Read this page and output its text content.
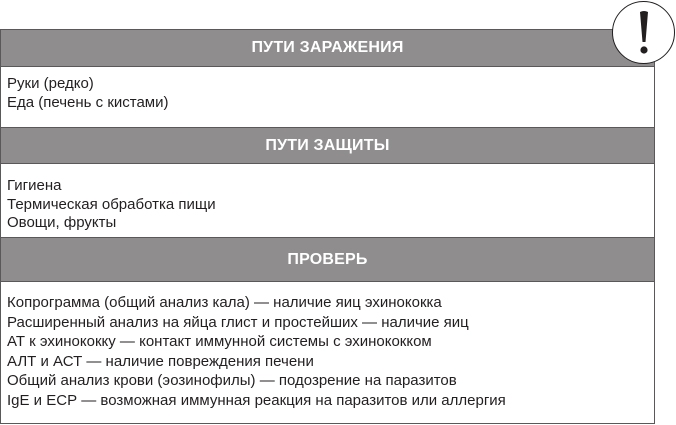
ПУТИ ЗАРАЖЕНИЯ
Руки (редко)
Еда (печень с кистами)
ПУТИ ЗАЩИТЫ
Гигиена
Термическая обработка пищи
Овощи, фрукты
ПРОВЕРЬ
Копрограмма (общий анализ кала) — наличие яиц эхинококка
Расширенный анализ на яйца глист и простейших — наличие яиц
АТ к эхинококку — контакт иммунной системы с эхинококком
АЛТ и АСТ — наличие повреждения печени
Общий анализ крови (эозинофилы) — подозрение на паразитов
IgE и ЕСР — возможная иммунная реакция на паразитов или аллергия
